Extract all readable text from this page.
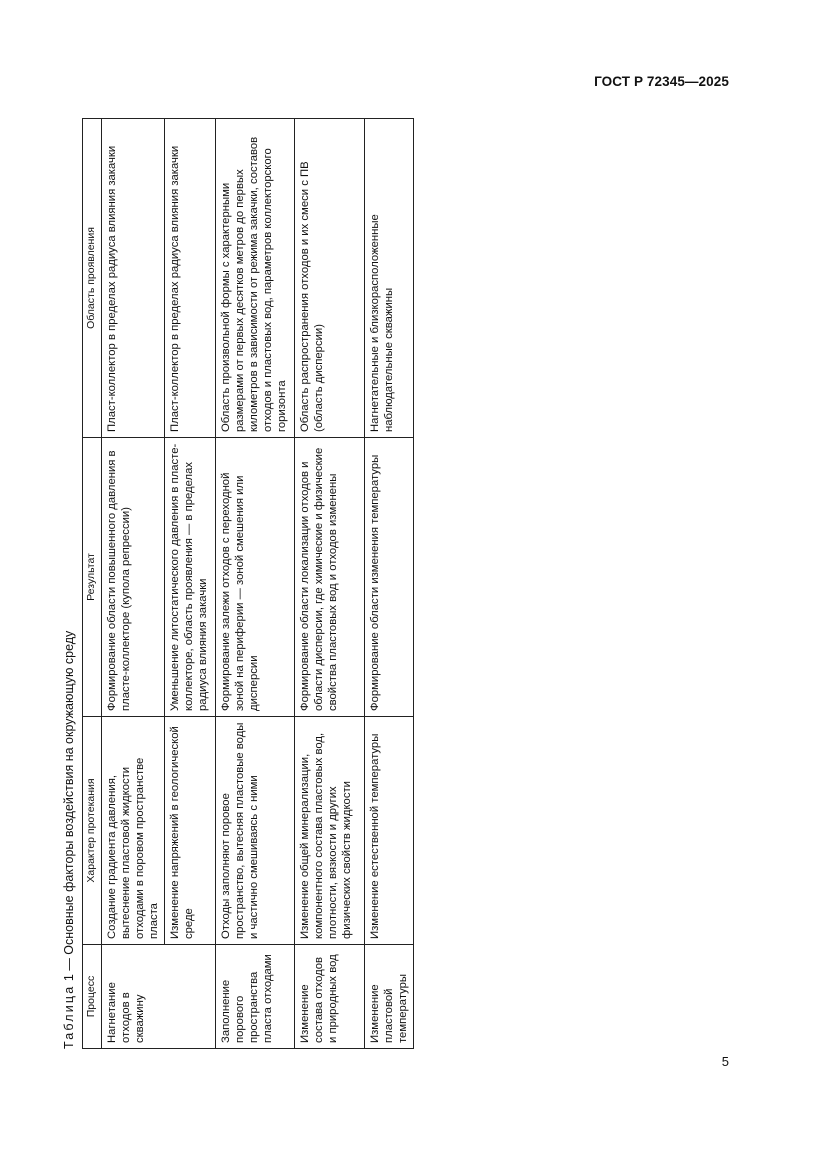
ГОСТ Р 72345—2025
Таблица 1 — Основные факторы воздействия на окружающую среду
Процесс	Характер протекания	Результат	Область проявления
Нагнетание отходов в скважину	Создание градиента давления, вытеснение пластовой жидкости отходами в поровом пространстве пласта	Формирование области повышенного давления в пласте-коллекторе (купола репрессии)	Пласт-коллектор в пределах радиуса влияния закачки
	Изменение напряжений в геологической среде	Уменьшение литостатического давления в пласте-коллекторе, область проявления — в пределах радиуса влияния закачки	Пласт-коллектор в пределах радиуса влияния закачки
Заполнение порового пространства пласта отходами	Отходы заполняют поровое пространство, вытесняя пластовые воды и частично смешиваясь с ними	Формирование залежи отходов с переходной зоной на периферии — зоной смешения или дисперсии	Область произвольной формы с характерными размерами от первых десятков метров до первых километров в зависимости от режима закачки, составов отходов и пластовых вод, параметров коллекторского горизонта
Изменение состава отходов и природных вод	Изменение общей минерализации, компонентного состава пластовых вод, плотности, вязкости и других физических свойств жидкости	Формирование области локализации отходов и области дисперсии, где химические и физические свойства пластовых вод и отходов изменены	Область распространения отходов и их смеси с ПВ (область дисперсии)
Изменение пластовой температуры	Изменение естественной температуры	Формирование области изменения температуры	Нагнетательные и близкорасположенные наблюдательные скважины
5
